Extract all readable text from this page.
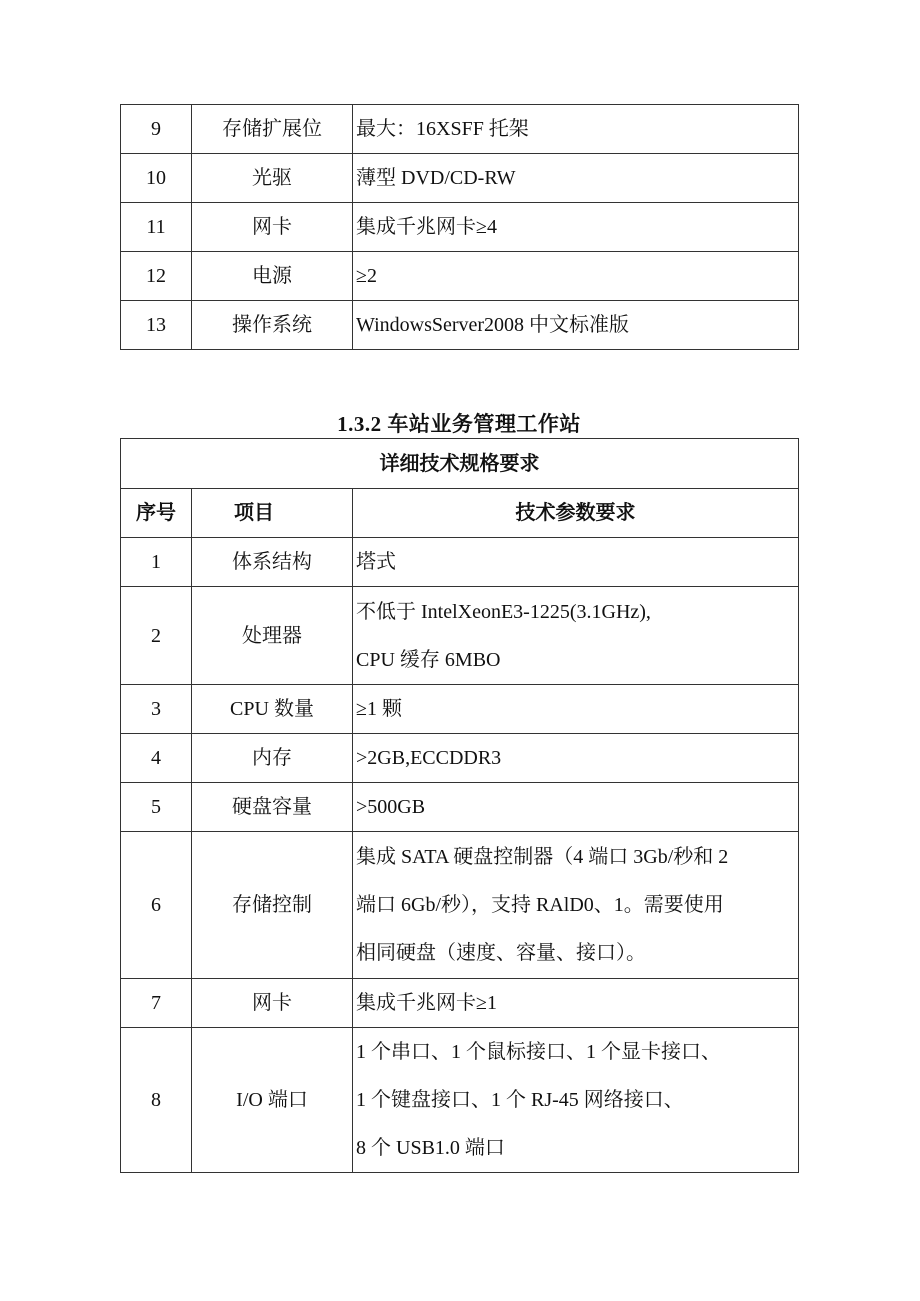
9	存储扩展位	最大：16XSFF 托架

10	光驱	薄型 DVD/CD-RW

11	网卡	集成千兆网卡≥4

12	电源	≥2

13	操作系统	WindowsServer2008 中文标准版
1.3.2 车站业务管理工作站
详细技术规格要求		
序号	项目	技术参数要求
1	体系结构	塔式

2	处理器	不低于 IntelXeonE3-1225(3.1GHz),
CPU 缓存 6MBO

3	CPU 数量	≥1 颗

4	内存	>2GB,ECCDDR3

5	硬盘容量	>500GB

6	存储控制	集成 SATA 硬盘控制器（4 端口 3Gb/秒和 2
端口 6Gb/秒），支持 RAlD0、1。需要使用
相同硬盘（速度、容量、接口）。

7	网卡	集成千兆网卡≥1

8	I/O 端口	1 个串口、1 个鼠标接口、1 个显卡接口、
1 个键盘接口、1 个 RJ-45 网络接口、
8 个 USB1.0 端口
